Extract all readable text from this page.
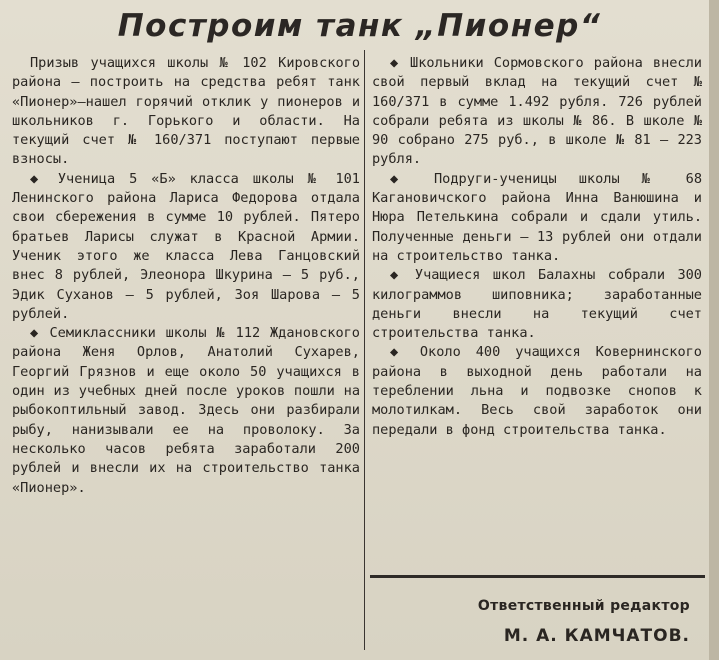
Построим танк „Пионер“

Призыв учащихся школы № 102 Кировского района — построить на средства ребят танк «Пионер»—нашел горячий отклик у пионеров и школьников г. Горького и области. На текущий счет № 160/371 поступают первые взносы.

◆ Ученица 5 «Б» класса школы № 101 Ленинского района Лариса Федорова отдала свои сбережения в сумме 10 рублей. Пятеро братьев Ларисы служат в Красной Армии. Ученик этого же класса Лева Ганцовский внес 8 рублей, Элеонора Шкурина — 5 руб., Эдик Суханов — 5 рублей, Зоя Шарова — 5 рублей.

◆ Семиклассники школы № 112 Ждановского района Женя Орлов, Анатолий Сухарев, Георгий Грязнов и еще около 50 учащихся в один из учебных дней после уроков пошли на рыбокоптильный завод. Здесь они разбирали рыбу, нанизывали ее на проволоку. За несколько часов ребята заработали 200 рублей и внесли их на строительство танка «Пионер».

◆ Школьники Сормовского района внесли свой первый вклад на текущий счет № 160/371 в сумме 1.492 рубля. 726 рублей собрали ребята из школы № 86. В школе № 90 собрано 275 руб., в школе № 81 — 223 рубля.

◆ Подруги-ученицы школы № 68 Кагановичского района Инна Ванюшина и Нюра Петелькина собрали и сдали утиль. Полученные деньги — 13 рублей они отдали на строительство танка.

◆ Учащиеся школ Балахны собрали 300 килограммов шиповника; заработанные деньги внесли на текущий счет строительства танка.

◆ Около 400 учащихся Ковернинского района в выходной день работали на тереблении льна и подвозке снопов к молотилкам. Весь свой заработок они передали в фонд строительства танка.

Ответственный редактор
М. А. КАМЧАТОВ.
